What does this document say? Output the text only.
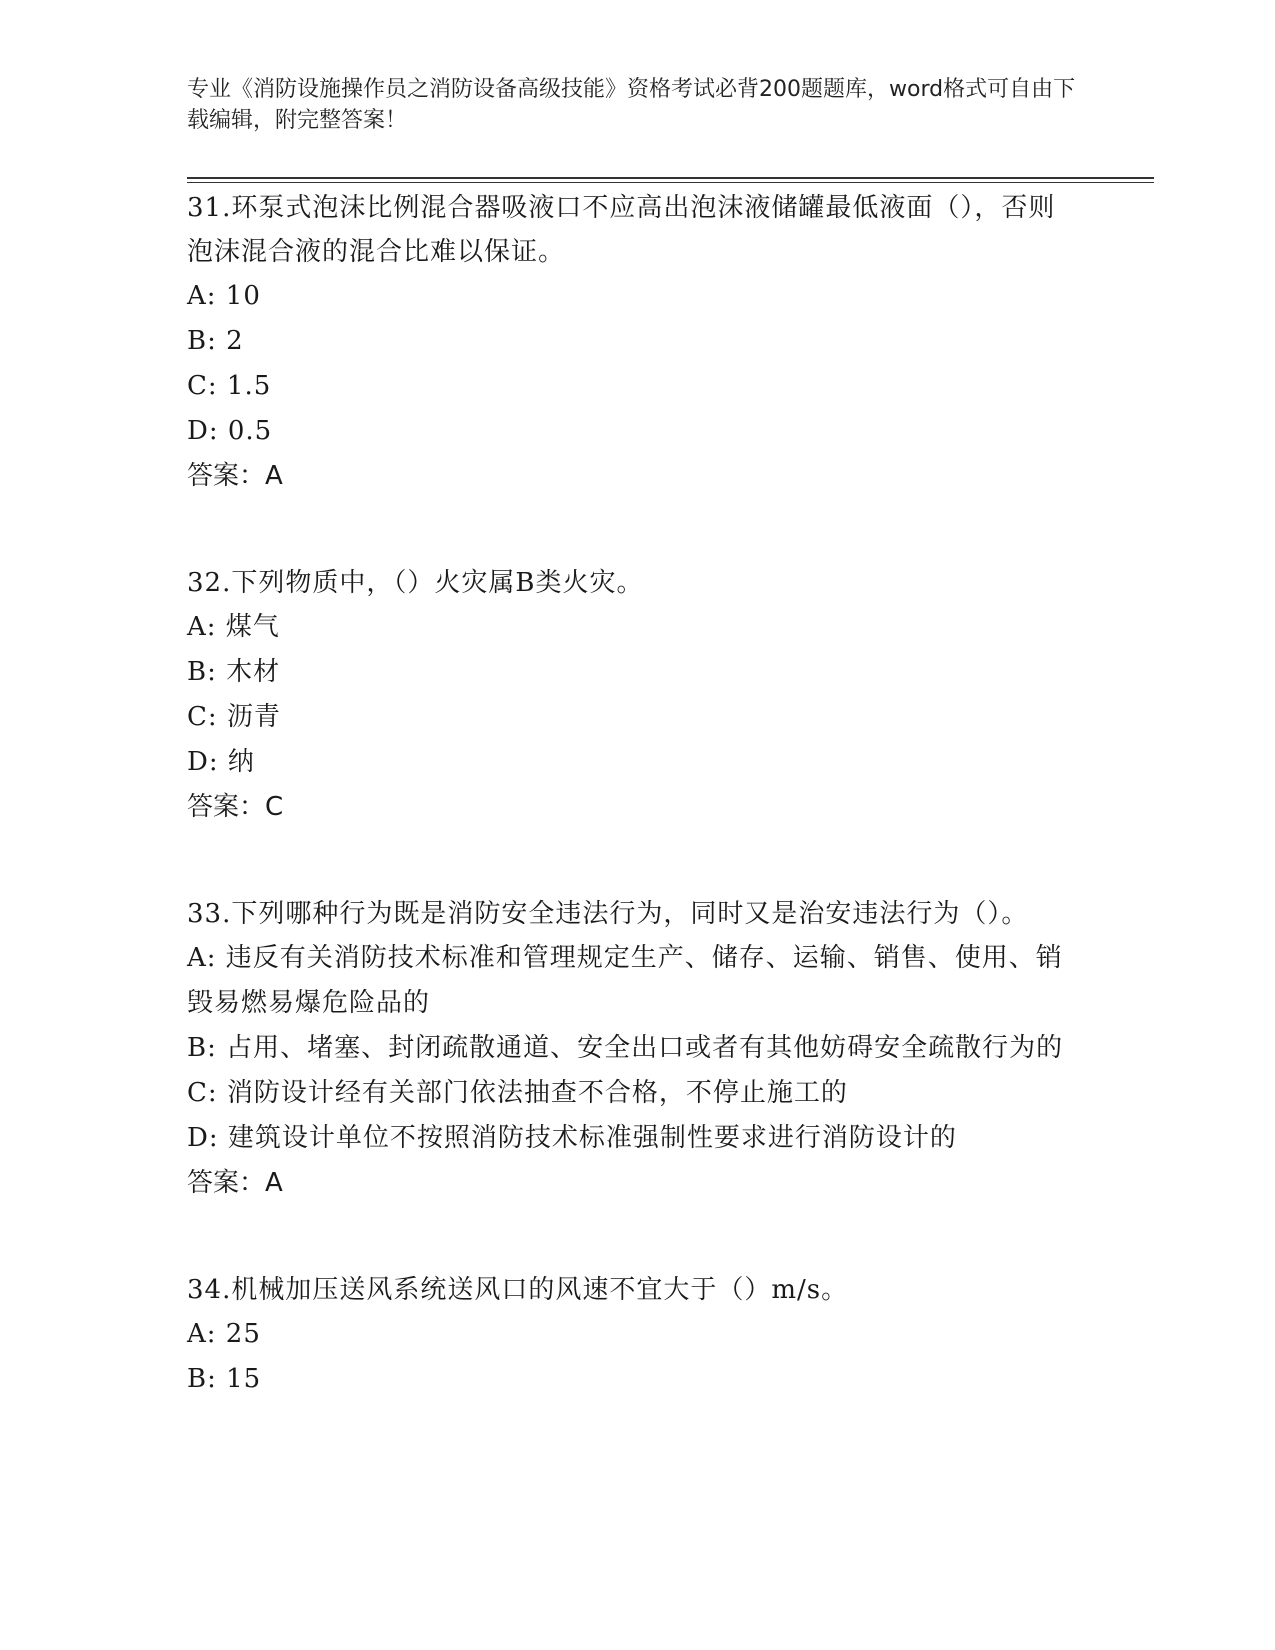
专业《消防设施操作员之消防设备高级技能》资格考试必背200题题库，word格式可自由下载编辑，附完整答案！

31.环泵式泡沫比例混合器吸液口不应高出泡沫液储罐最低液面（），否则泡沫混合液的混合比难以保证。

A: 10

B: 2

C: 1.5

D: 0.5

答案：A

32.下列物质中，（）火灾属B类火灾。

A: 煤气

B: 木材

C: 沥青

D: 纳

答案：C

33.下列哪种行为既是消防安全违法行为，同时又是治安违法行为（）。

A: 违反有关消防技术标准和管理规定生产、储存、运输、销售、使用、销毁易燃易爆危险品的

B: 占用、堵塞、封闭疏散通道、安全出口或者有其他妨碍安全疏散行为的

C: 消防设计经有关部门依法抽查不合格，不停止施工的

D: 建筑设计单位不按照消防技术标准强制性要求进行消防设计的

答案：A

34.机械加压送风系统送风口的风速不宜大于（）m/s。

A: 25

B: 15
